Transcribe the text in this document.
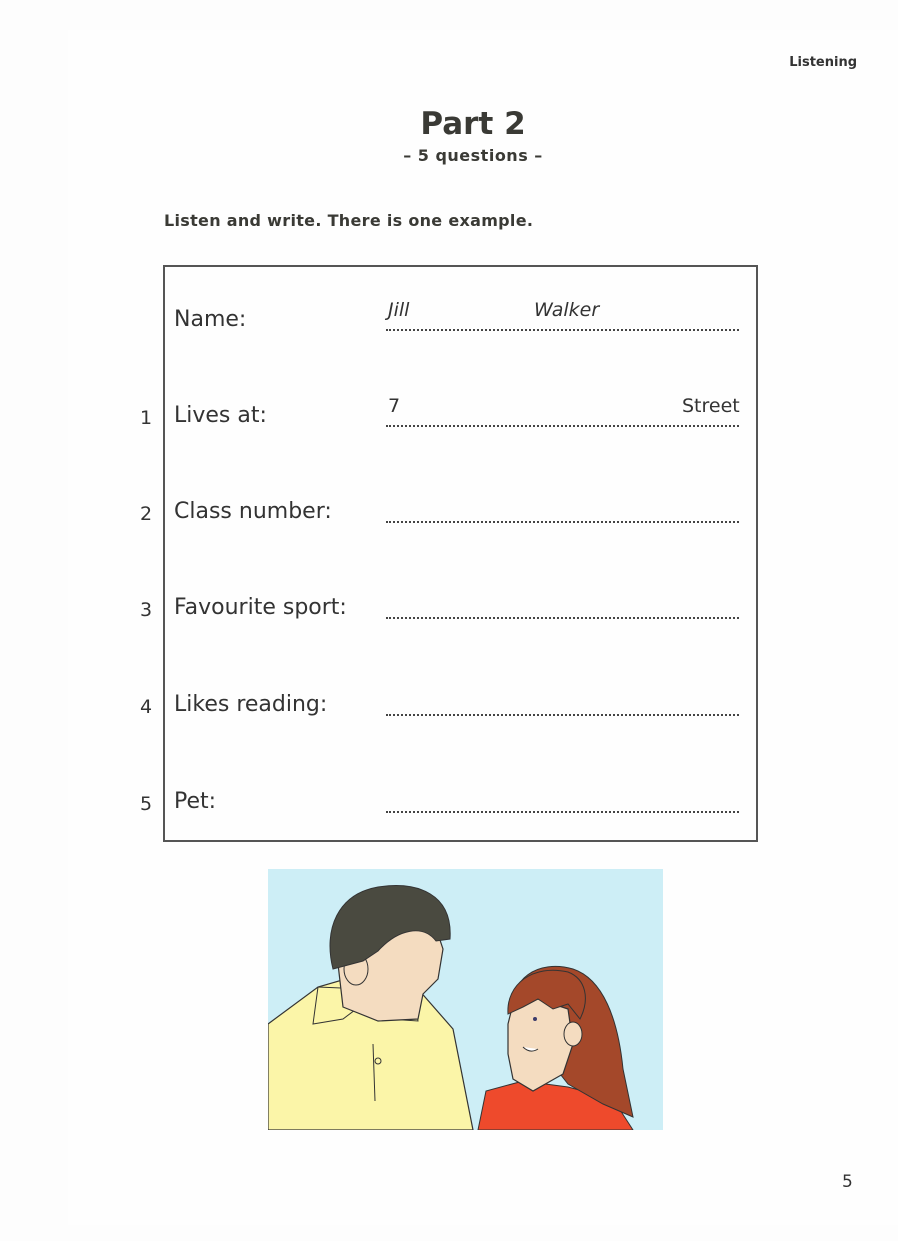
Listening
Part 2
– 5 questions –
Listen and write. There is one example.
Name:	Jill	Walker
1 Lives at:	7	Street
2 Class number:
3 Favourite sport:
4 Likes reading:
5 Pet:
5
